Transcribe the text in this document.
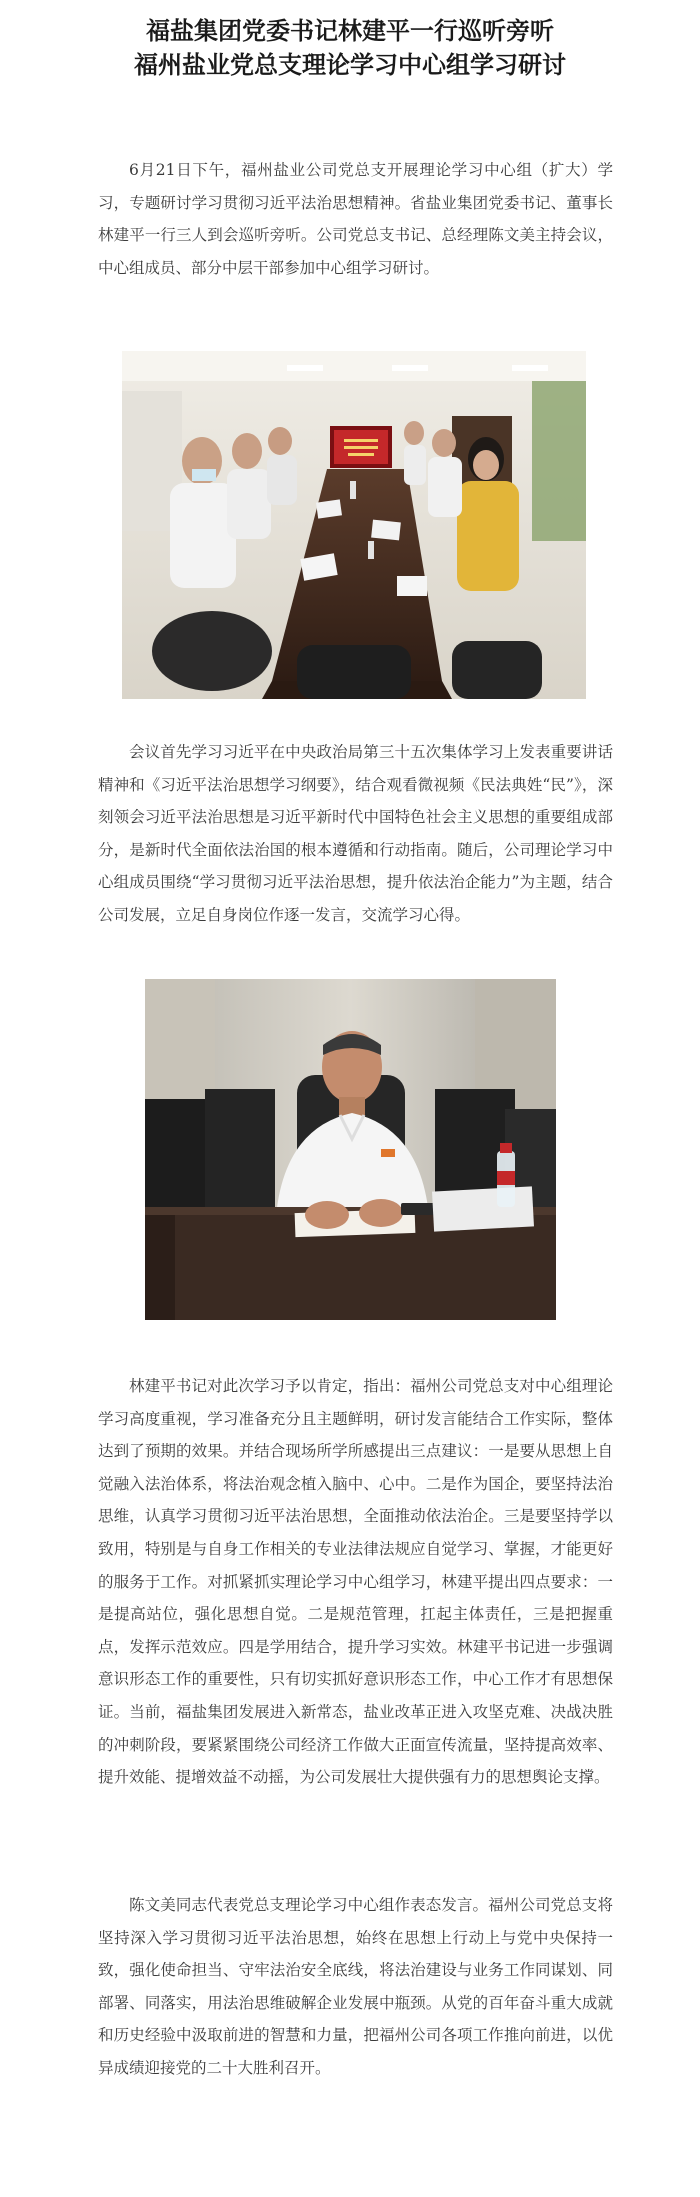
福盐集团党委书记林建平一行巡听旁听
福州盐业党总支理论学习中心组学习研讨

6月21日下午，福州盐业公司党总支开展理论学习中心组（扩大）学习，专题研讨学习贯彻习近平法治思想精神。省盐业集团党委书记、董事长林建平一行三人到会巡听旁听。公司党总支书记、总经理陈文美主持会议，中心组成员、部分中层干部参加中心组学习研讨。

会议首先学习习近平在中央政治局第三十五次集体学习上发表重要讲话精神和《习近平法治思想学习纲要》，结合观看微视频《民法典姓“民”》，深刻领会习近平法治思想是习近平新时代中国特色社会主义思想的重要组成部分，是新时代全面依法治国的根本遵循和行动指南。随后，公司理论学习中心组成员围绕“学习贯彻习近平法治思想，提升依法治企能力”为主题，结合公司发展，立足自身岗位作逐一发言，交流学习心得。

林建平书记对此次学习予以肯定，指出：福州公司党总支对中心组理论学习高度重视，学习准备充分且主题鲜明，研讨发言能结合工作实际，整体达到了预期的效果。并结合现场所学所感提出三点建议：一是要从思想上自觉融入法治体系，将法治观念植入脑中、心中。二是作为国企，要坚持法治思维，认真学习贯彻习近平法治思想，全面推动依法治企。三是要坚持学以致用，特别是与自身工作相关的专业法律法规应自觉学习、掌握，才能更好的服务于工作。对抓紧抓实理论学习中心组学习，林建平提出四点要求：一是提高站位，强化思想自觉。二是规范管理，扛起主体责任，三是把握重点，发挥示范效应。四是学用结合，提升学习实效。林建平书记进一步强调意识形态工作的重要性，只有切实抓好意识形态工作，中心工作才有思想保证。当前，福盐集团发展进入新常态，盐业改革正进入攻坚克难、决战决胜的冲刺阶段，要紧紧围绕公司经济工作做大正面宣传流量，坚持提高效率、提升效能、提增效益不动摇，为公司发展壮大提供强有力的思想舆论支撑。

陈文美同志代表党总支理论学习中心组作表态发言。福州公司党总支将坚持深入学习贯彻习近平法治思想，始终在思想上行动上与党中央保持一致，强化使命担当、守牢法治安全底线，将法治建设与业务工作同谋划、同部署、同落实，用法治思维破解企业发展中瓶颈。从党的百年奋斗重大成就和历史经验中汲取前进的智慧和力量，把福州公司各项工作推向前进，以优异成绩迎接党的二十大胜利召开。
